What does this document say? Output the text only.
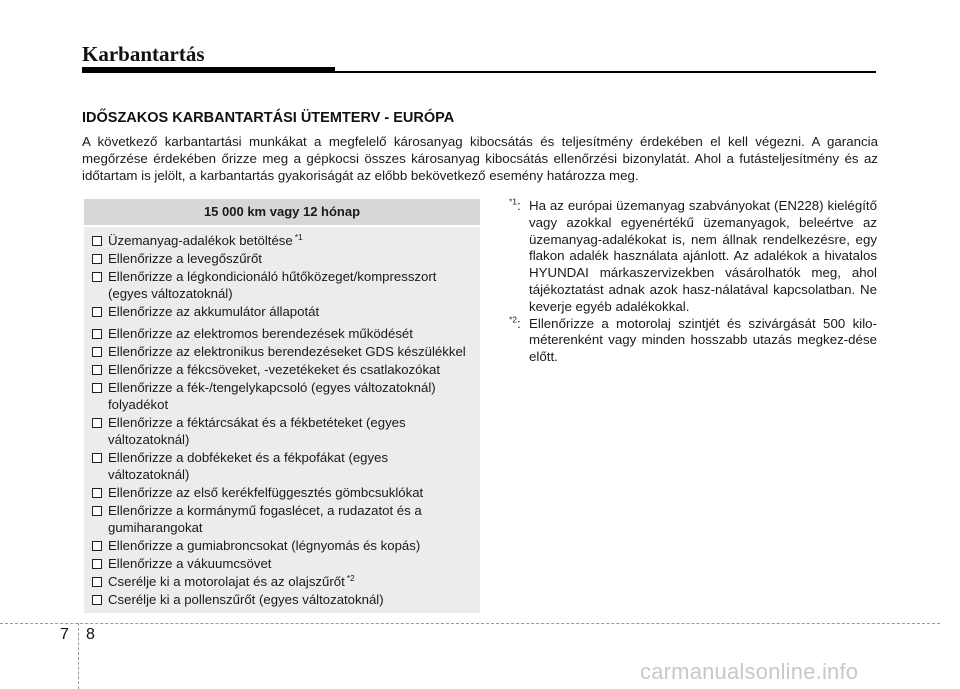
Karbantartás
IDŐSZAKOS KARBANTARTÁSI ÜTEMTERV - EURÓPA
A következő karbantartási munkákat a megfelelő károsanyag kibocsátás és teljesítmény érdekében el kell végezni. A garancia megőrzése érdekében őrizze meg a gépkocsi összes károsanyag kibocsátás ellenőrzési bizonylatát. Ahol a futásteljesítmény és az időtartam is jelölt, a karbantartás gyakoriságát az előbb bekövetkező esemény határozza meg.
15 000 km vagy 12 hónap
Üzemanyag-adalékok betöltése $^{*1}$
Ellenőrizze a levegőszűrőt
Ellenőrizze a légkondicionáló hűtőközeget/kompresszort (egyes változatoknál)
Ellenőrizze az akkumulátor állapotát
Ellenőrizze az elektromos berendezések működését
Ellenőrizze az elektronikus berendezéseket GDS készülékkel
Ellenőrizze a fékcsöveket, -vezetékeket és csatlakozókat
Ellenőrizze a fék-/tengelykapcsoló (egyes változatoknál) folyadékot
Ellenőrizze a féktárcsákat és a fékbetéteket (egyes változatoknál)
Ellenőrizze a dobfékeket és a fékpofákat (egyes változatoknál)
Ellenőrizze az első kerékfelfüggesztés gömbcsuklókat
Ellenőrizze a kormánymű fogaslécet, a rudazatot és a gumiharangokat
Ellenőrizze a gumiabroncsokat (légnyomás és kopás)
Ellenőrizze a vákuumcsövet
Cserélje ki a motorolajat és az olajszűrőt $^{*2}$
Cserélje ki a pollenszűrőt (egyes változatoknál)
$^{*1}$: Ha az európai üzemanyag szabványokat (EN228) kielégítő vagy azokkal egyenértékű üzemanyagok, beleértve az üzemanyag-adalékokat is, nem állnak rendelkezésre, egy flakon adalék használata ajánlott. Az adalékok a hivatalos HYUNDAI márkaszervizekben vásárolhatók meg, ahol tájékoztatást adnak azok hasz-nálatával kapcsolatban. Ne keverje egyéb adalékokkal.
$^{*2}$: Ellenőrizze a motorolaj szintjét és szivárgását 500 kilo-méterenként vagy minden hosszabb utazás megkez-dése előtt.
7 8
carmanualsonline.info
